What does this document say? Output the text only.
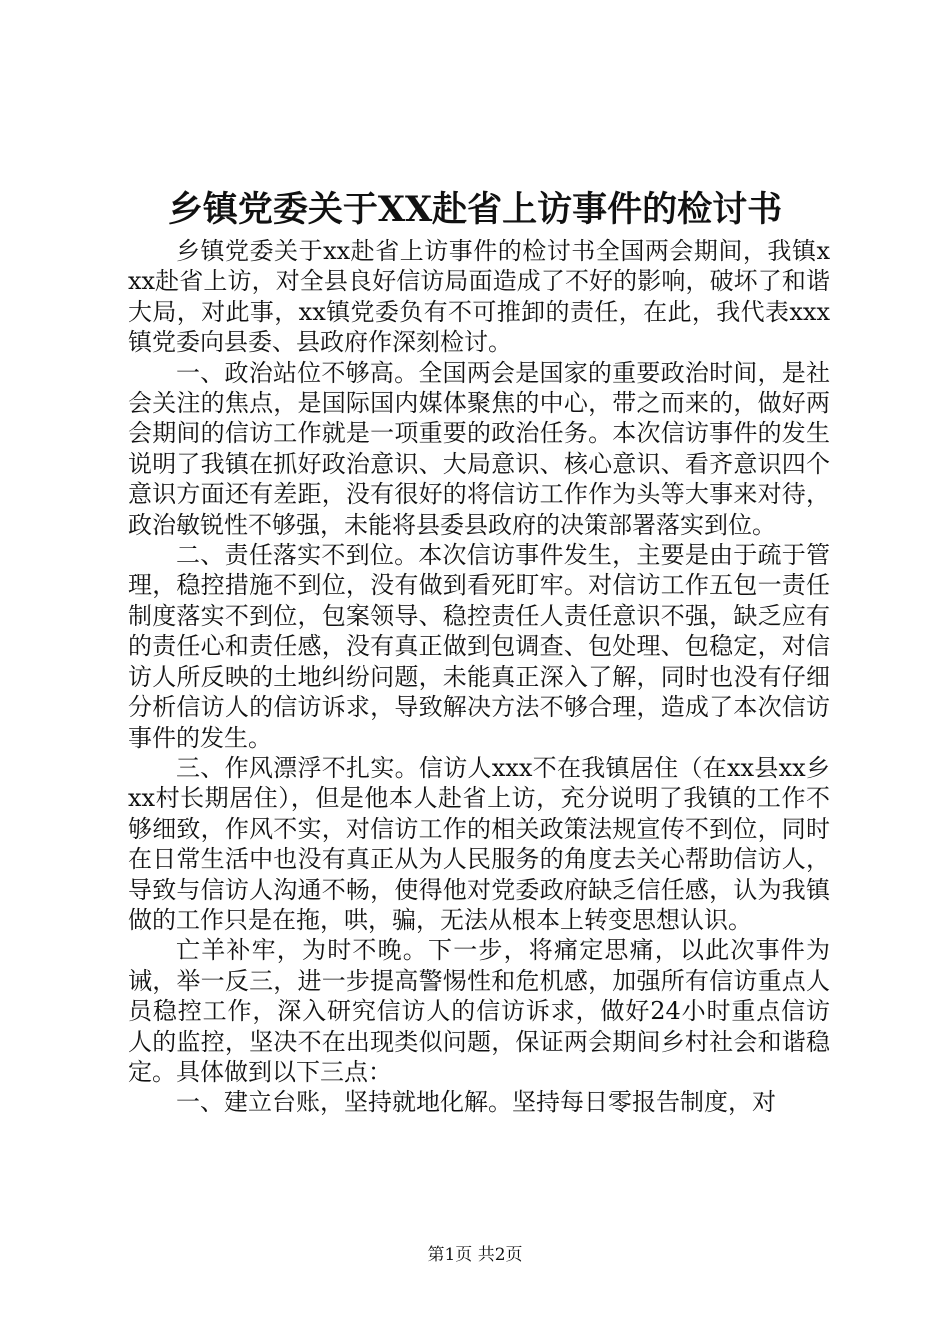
乡镇党委关于XX赴省上访事件的检讨书

乡镇党委关于xx赴省上访事件的检讨书全国两会期间，我镇xxx赴省上访，对全县良好信访局面造成了不好的影响，破坏了和谐大局，对此事，xx镇党委负有不可推卸的责任，在此，我代表xxx镇党委向县委、县政府作深刻检讨。

一、政治站位不够高。全国两会是国家的重要政治时间，是社会关注的焦点，是国际国内媒体聚焦的中心，带之而来的，做好两会期间的信访工作就是一项重要的政治任务。本次信访事件的发生说明了我镇在抓好政治意识、大局意识、核心意识、看齐意识四个意识方面还有差距，没有很好的将信访工作作为头等大事来对待，政治敏锐性不够强，未能将县委县政府的决策部署落实到位。

二、责任落实不到位。本次信访事件发生，主要是由于疏于管理，稳控措施不到位，没有做到看死盯牢。对信访工作五包一责任制度落实不到位，包案领导、稳控责任人责任意识不强，缺乏应有的责任心和责任感，没有真正做到包调查、包处理、包稳定，对信访人所反映的土地纠纷问题，未能真正深入了解，同时也没有仔细分析信访人的信访诉求，导致解决方法不够合理，造成了本次信访事件的发生。

三、作风漂浮不扎实。信访人xxx不在我镇居住（在xx县xx乡xx村长期居住），但是他本人赴省上访，充分说明了我镇的工作不够细致，作风不实，对信访工作的相关政策法规宣传不到位，同时在日常生活中也没有真正从为人民服务的角度去关心帮助信访人，导致与信访人沟通不畅，使得他对党委政府缺乏信任感，认为我镇做的工作只是在拖，哄，骗，无法从根本上转变思想认识。

亡羊补牢，为时不晚。下一步，将痛定思痛，以此次事件为诫，举一反三，进一步提高警惕性和危机感，加强所有信访重点人员稳控工作，深入研究信访人的信访诉求，做好24小时重点信访人的监控，坚决不在出现类似问题，保证两会期间乡村社会和谐稳定。具体做到以下三点：

一、建立台账，坚持就地化解。坚持每日零报告制度，对

第1页 共2页
